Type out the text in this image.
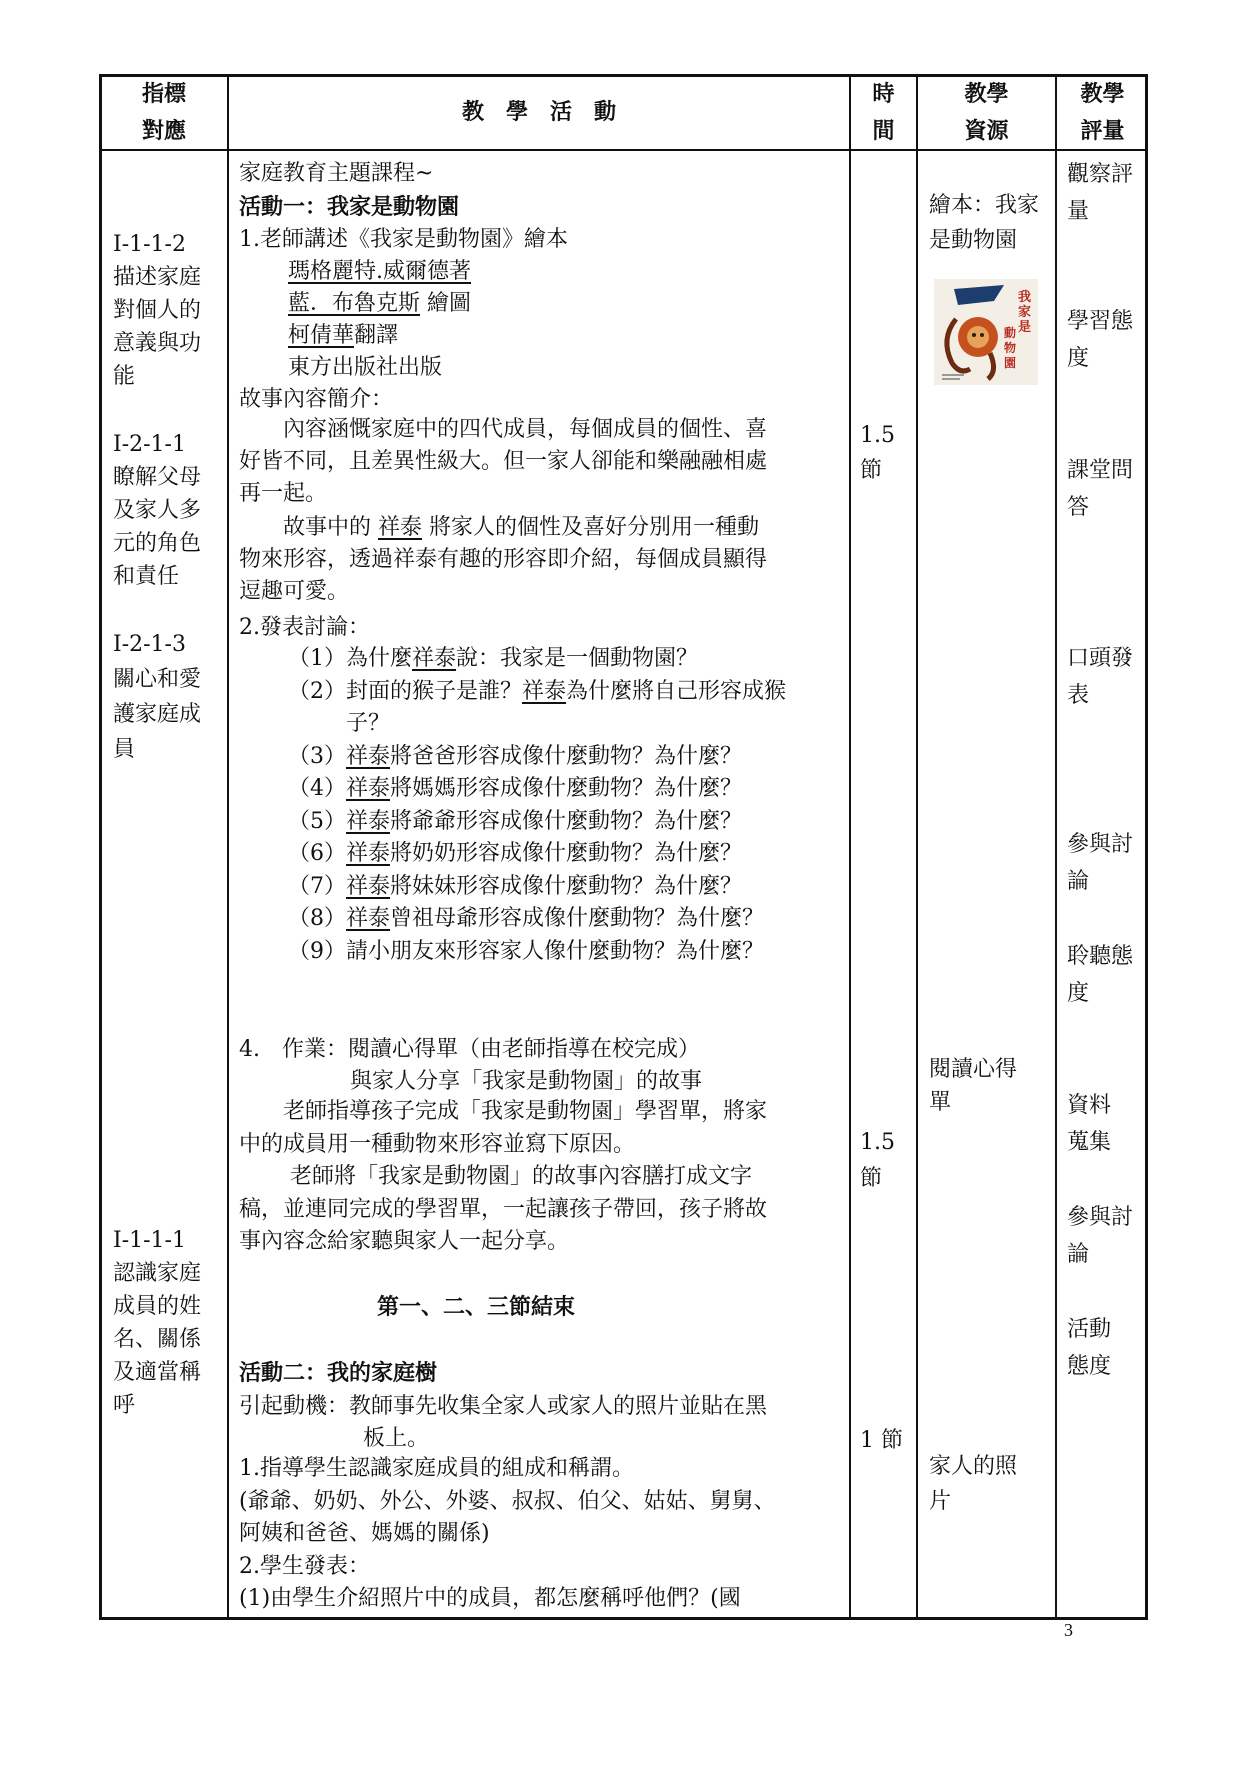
指標
對應
教　學　活　動
時
間
教學
資源
教學
評量
I-1-1-2
描述家庭
對個人的
意義與功
能
I-2-1-1
瞭解父母
及家人多
元的角色
和責任
I-2-1-3
關心和愛
護家庭成
員
I-1-1-1
認識家庭
成員的姓
名、關係
及適當稱
呼
家庭教育主題課程~
活動一：我家是動物園
1.老師講述《我家是動物園》繪本
瑪格麗特.威爾德著
藍．布魯克斯 繪圖
柯倩華翻譯
東方出版社出版
故事內容簡介：
　　內容涵慨家庭中的四代成員，每個成員的個性、喜
好皆不同，且差異性級大。但一家人卻能和樂融融相處
再一起。
　　故事中的 祥泰 將家人的個性及喜好分別用一種動
物來形容，透過祥泰有趣的形容即介紹，每個成員顯得
逗趣可愛。
2.發表討論：
（1）為什麼祥泰說：我家是一個動物園？
（2）封面的猴子是誰？祥泰為什麼將自己形容成猴
子？
（3）祥泰將爸爸形容成像什麼動物？為什麼？
（4）祥泰將媽媽形容成像什麼動物？為什麼？
（5）祥泰將爺爺形容成像什麼動物？為什麼？
（6）祥泰將奶奶形容成像什麼動物？為什麼？
（7）祥泰將妹妹形容成像什麼動物？為什麼？
（8）祥泰曾祖母爺形容成像什麼動物？為什麼？
（9）請小朋友來形容家人像什麼動物？為什麼？
4.　作業：閱讀心得單（由老師指導在校完成）
與家人分享「我家是動物園」的故事
　　老師指導孩子完成「我家是動物園」學習單，將家
中的成員用一種動物來形容並寫下原因。
　　 老師將「我家是動物園」的故事內容膳打成文字
稿，並連同完成的學習單，一起讓孩子帶回，孩子將故
事內容念給家聽與家人一起分享。
第一、二、三節結束
活動二：我的家庭樹
引起動機：教師事先收集全家人或家人的照片並貼在黑
板上。
1.指導學生認識家庭成員的組成和稱謂。
(爺爺、奶奶、外公、外婆、叔叔、伯父、姑姑、舅舅、
阿姨和爸爸、媽媽的關係)
2.學生發表：
(1)由學生介紹照片中的成員，都怎麼稱呼他們？(國
1.5
節
1.5
節
1 節
繪本：我家
是動物園
我
家
是
動
物
園
閱讀心得
單
家人的照
片
觀察評
量
學習態
度
課堂問
答
口頭發
表
參與討
論
聆聽態
度
資料
蒐集
參與討
論
活動
態度
3
